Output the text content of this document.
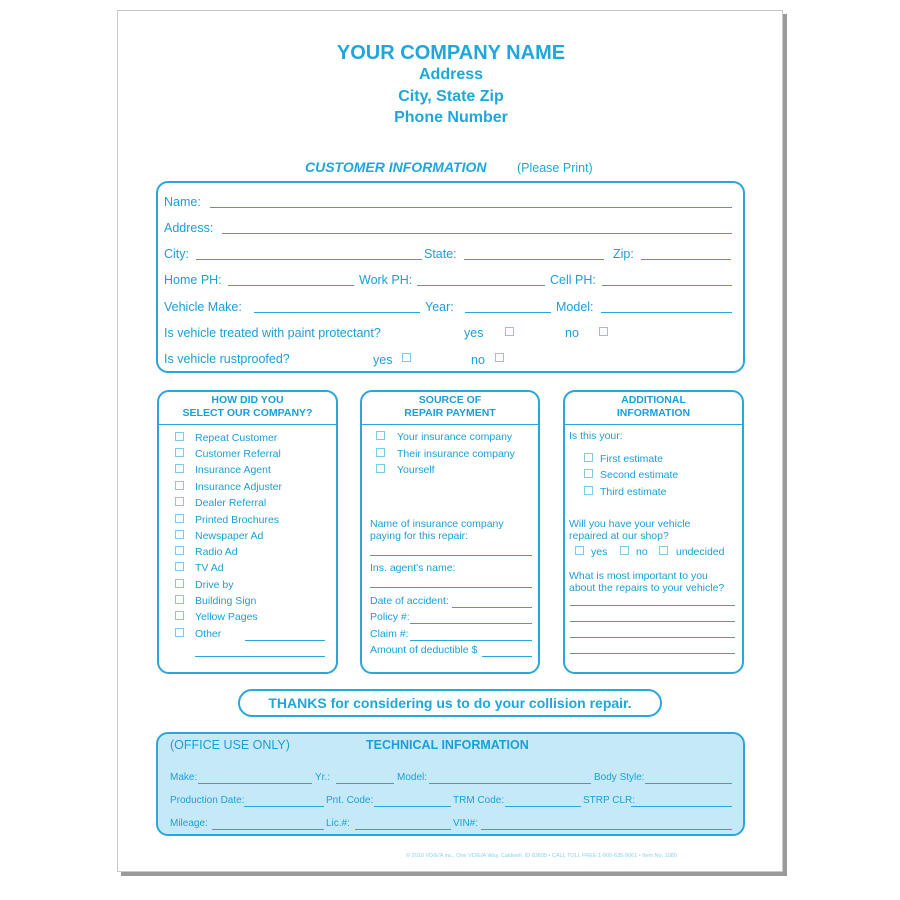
YOUR COMPANY NAME
Address
City, State Zip
Phone Number
CUSTOMER INFORMATION (Please Print)
Name:
Address:
City:	State:	Zip:
Home PH:	Work PH:	Cell PH:
Vehicle Make:	Year:	Model:
Is vehicle treated with paint protectant?	yes	no
Is vehicle rustproofed?	yes	no
HOW DID YOU
SELECT OUR COMPANY?
Repeat Customer
Customer Referral
Insurance Agent
Insurance Adjuster
Dealer Referral
Printed Brochures
Newspaper Ad
Radio Ad
TV Ad
Drive by
Building Sign
Yellow Pages
Other
SOURCE OF
REPAIR PAYMENT
Your insurance company
Their insurance company
Yourself
Name of insurance company
paying for this repair:
Ins. agent's name:
Date of accident:
Policy #:
Claim #:
Amount of deductible $
ADDITIONAL
INFORMATION
Is this your:
First estimate
Second estimate
Third estimate
Will you have your vehicle
repaired at our shop?
yes	no	undecided
What is most important to you
about the repairs to your vehicle?
THANKS for considering us to do your collision repair.
(OFFICE USE ONLY)	TECHNICAL INFORMATION
Make:	Yr.:	Model:	Body Style:
Production Date:	Pnt. Code:	TRM Code:	STRP CLR:
Mileage:	Lic.#:	VIN#:
© 2010 VD/E/A inc., One VD/E/A Way, Caldwell, ID 83605 • CALL TOLL FREE 1-800-635-9061 • Item No. 1080
